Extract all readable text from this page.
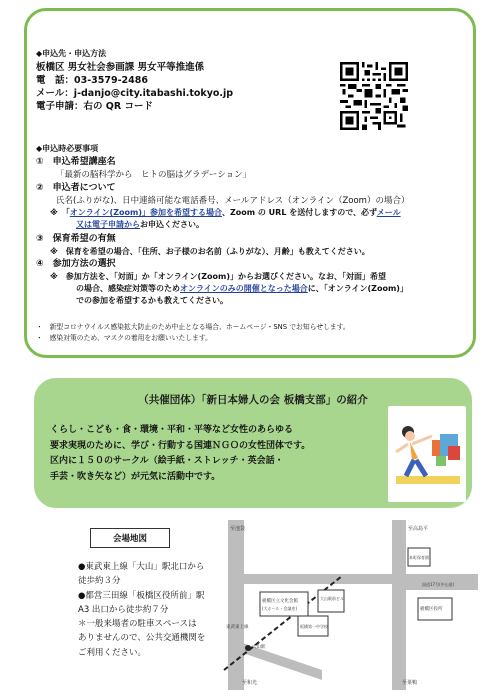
◆申込先・申込方法
板橋区 男女社会参画課 男女平等推進係
電　話：03-3579-2486
メール：j-danjo@city.itabashi.tokyo.jp
電子申請：右の QR コード
◆申込時必要事項
①　申込希望講座名
「最新の脳科学から　ヒトの脳はグラデーション」
②　申込者について
氏名(ふりがな)、日中連絡可能な電話番号、メールアドレス（オンライン（Zoom）の場合）
※　「オンライン(Zoom)」参加を希望する場合、Zoom の URL を送付しますので、必ずメール
又は電子申請からお申込ください。
③　保育希望の有無
※　保育を希望の場合、「住所、お子様のお名前（ふりがな）、月齢」も教えてください。
④　参加方法の選択
※　参加方法を、「対面」か「オンライン(Zoom)」からお選びください。なお、「対面」希望
の場合、感染症対策等のためオンラインのみの開催となった場合に、「オンライン(Zoom)」
での参加を希望するかも教えてください。
・　新型コロナウイルス感染拡大防止のため中止となる場合、ホームページ・SNS でお知らせします。
・　感染対策のため、マスクの着用をお願いいたします。
（共催団体）「新日本婦人の会 板橋支部」の紹介
くらし・こども・食・環境・平和・平等など女性のあらゆる
要求実現のために、学び・行動する国連ＮＧＯの女性団体です。
区内に１５０のサークル（絵手紙・ストレッチ・英会話・
手芸・吹き矢など）が元気に活動中です。
会場地図
●東武東上線「大山」駅北口から
徒歩約３分
●都営三田線「板橋区役所前」駅
A3 出口から徒歩約７分
＊一般来場者の駐車スペースは
ありませんので、公共交通機関を
ご利用ください。
至池袋	至高島平
東武東上線
板橋区立文化会館
(大ホール・会議室)
大山駅前ビル
板橋第一中学校
板橋区役所
本町保育園
大山駅
国道17号(中山道)
至和光	至巣鴨
